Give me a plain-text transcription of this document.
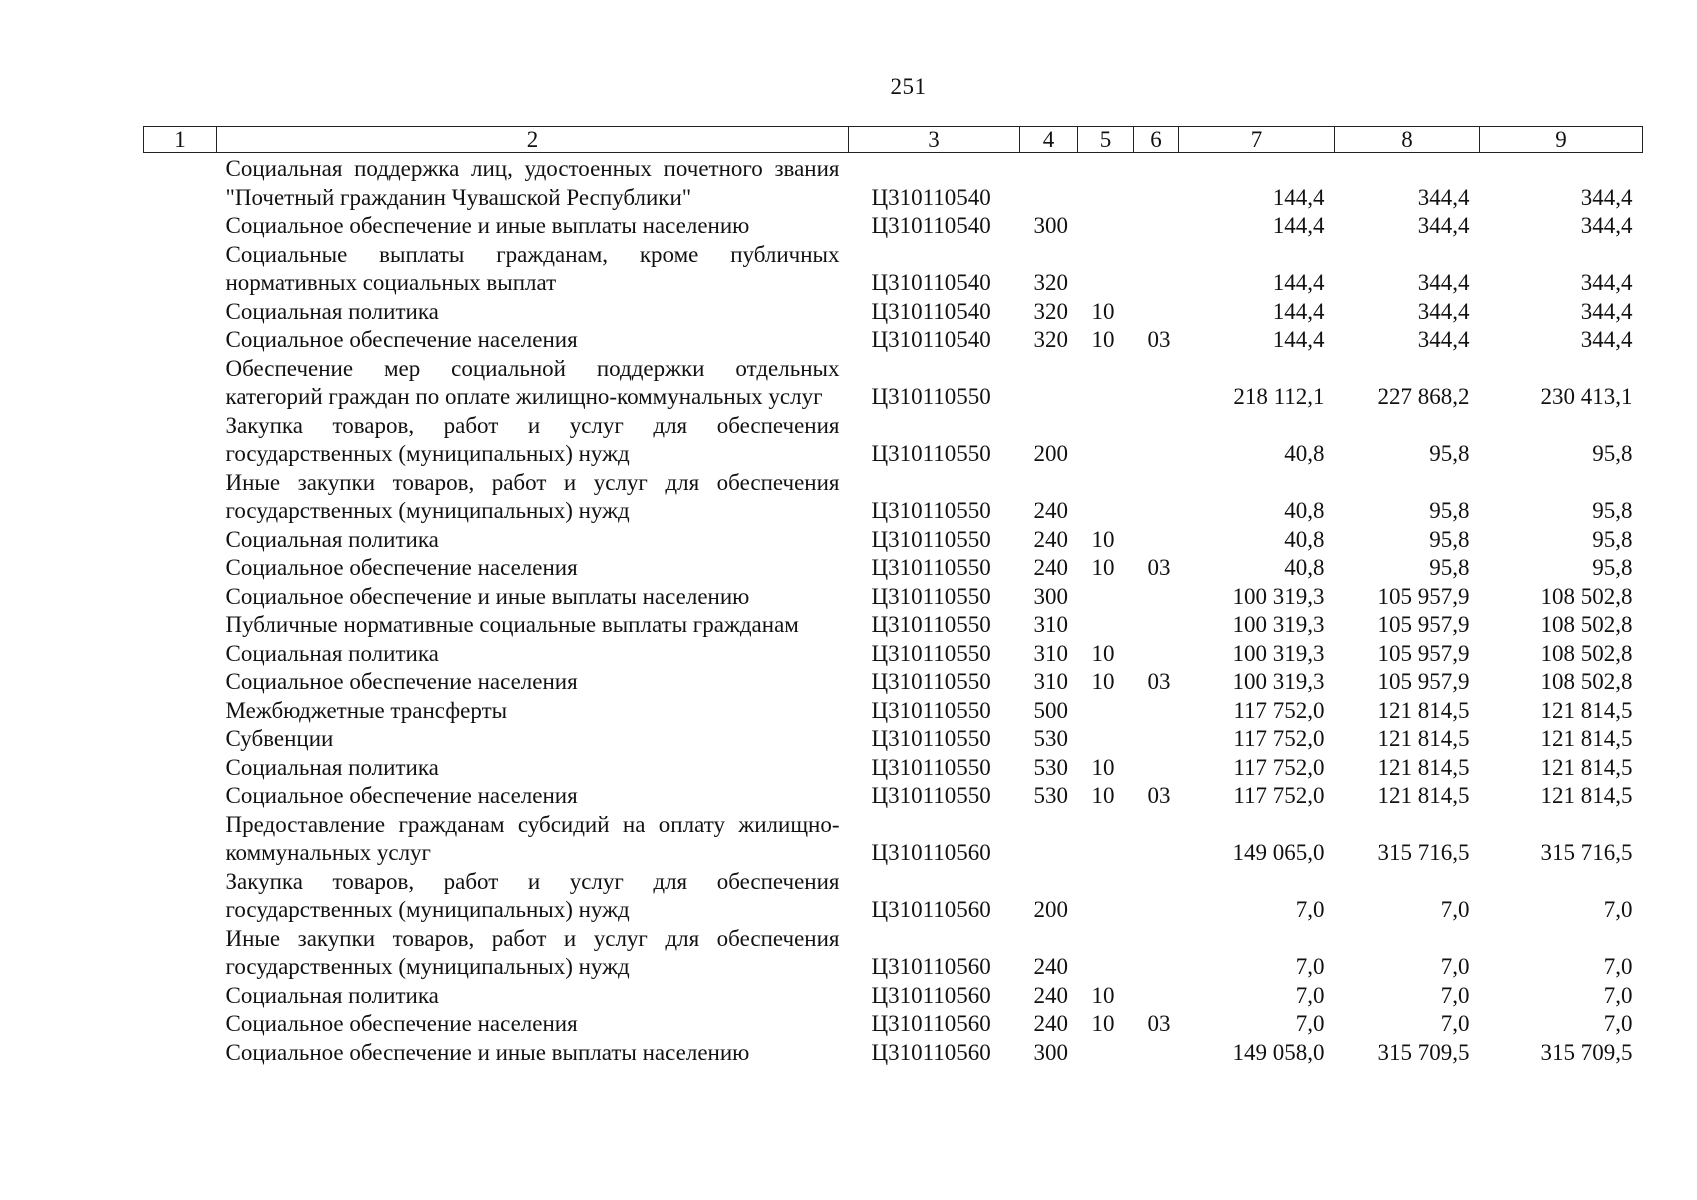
251
1	2	3	4	5	6	7	8	9
	Социальная поддержка лиц, удостоенных почетного звания "Почетный гражданин Чувашской Республики"	Ц310110540				144,4	344,4	344,4
	Социальное обеспечение и иные выплаты населению	Ц310110540	300			144,4	344,4	344,4
	Социальные выплаты гражданам, кроме публичных нормативных социальных выплат	Ц310110540	320			144,4	344,4	344,4
	Социальная политика	Ц310110540	320	10		144,4	344,4	344,4
	Социальное обеспечение населения	Ц310110540	320	10	03	144,4	344,4	344,4
	Обеспечение мер социальной поддержки отдельных категорий граждан по оплате жилищно-коммунальных услуг	Ц310110550				218 112,1	227 868,2	230 413,1
	Закупка товаров, работ и услуг для обеспечения государственных (муниципальных) нужд	Ц310110550	200			40,8	95,8	95,8
	Иные закупки товаров, работ и услуг для обеспечения государственных (муниципальных) нужд	Ц310110550	240			40,8	95,8	95,8
	Социальная политика	Ц310110550	240	10		40,8	95,8	95,8
	Социальное обеспечение населения	Ц310110550	240	10	03	40,8	95,8	95,8
	Социальное обеспечение и иные выплаты населению	Ц310110550	300			100 319,3	105 957,9	108 502,8
	Публичные нормативные социальные выплаты гражданам	Ц310110550	310			100 319,3	105 957,9	108 502,8
	Социальная политика	Ц310110550	310	10		100 319,3	105 957,9	108 502,8
	Социальное обеспечение населения	Ц310110550	310	10	03	100 319,3	105 957,9	108 502,8
	Межбюджетные трансферты	Ц310110550	500			117 752,0	121 814,5	121 814,5
	Субвенции	Ц310110550	530			117 752,0	121 814,5	121 814,5
	Социальная политика	Ц310110550	530	10		117 752,0	121 814,5	121 814,5
	Социальное обеспечение населения	Ц310110550	530	10	03	117 752,0	121 814,5	121 814,5
	Предоставление гражданам субсидий на оплату жилищно-коммунальных услуг	Ц310110560				149 065,0	315 716,5	315 716,5
	Закупка товаров, работ и услуг для обеспечения государственных (муниципальных) нужд	Ц310110560	200			7,0	7,0	7,0
	Иные закупки товаров, работ и услуг для обеспечения государственных (муниципальных) нужд	Ц310110560	240			7,0	7,0	7,0
	Социальная политика	Ц310110560	240	10		7,0	7,0	7,0
	Социальное обеспечение населения	Ц310110560	240	10	03	7,0	7,0	7,0
	Социальное обеспечение и иные выплаты населению	Ц310110560	300			149 058,0	315 709,5	315 709,5
